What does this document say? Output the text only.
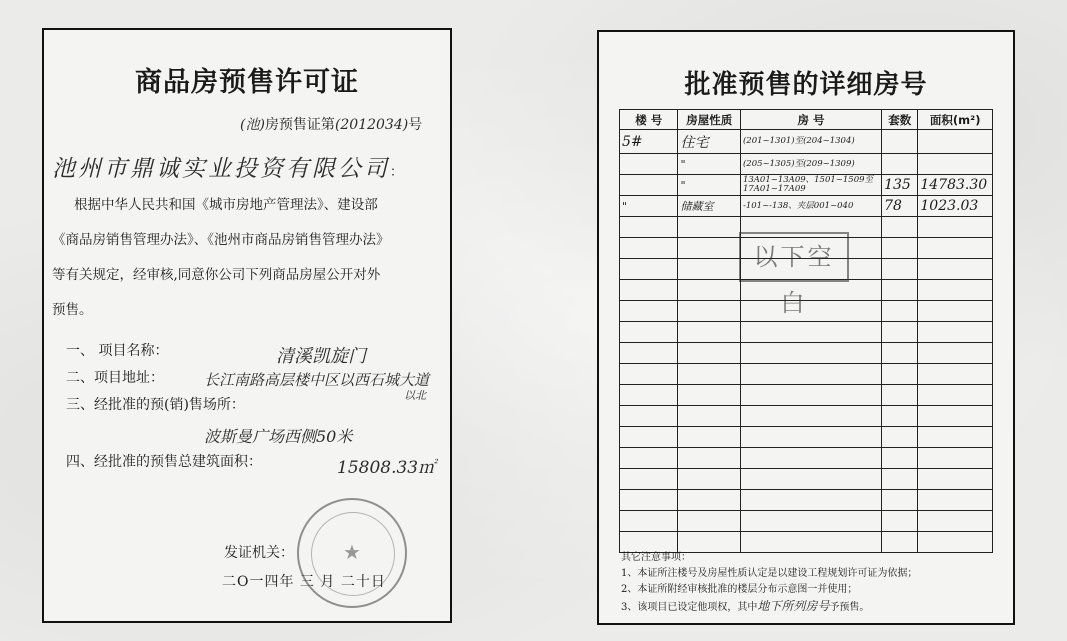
商品房预售许可证
(池)房预售证第(2012034)号
池州市鼎诚实业投资有限公司：
根据中华人民共和国《城市房地产管理法》、建设部
《商品房销售管理办法》、《池州市商品房销售管理办法》
等有关规定，经审核,同意你公司下列商品房屋公开对外
预售。
一、 项目名称：	清溪凯旋门
二、项目地址：	长江南路高层楼中区以西石城大道
以北
三、经批准的预(销)售场所：
波斯曼广场西侧50米
四、经批准的预售总建筑面积：	15808.33㎡
★
发证机关：
二O一四年 三 月 二十日
批准预售的详细房号
楼 号	房屋性质	房 号	套数	面积(m²)
5#	住宅	(201~1301)至(204~1304)		
	"	(205~1305)至(209~1309)		
	"	13A01~13A09、1501~1509至17A01~17A09	135	14783.30
"	储藏室	-101~-138、夹层001~040	78	1023.03

以下空白
其它注意事项：
1、本证所注楼号及房屋性质认定是以建设工程规划许可证为依据；
2、本证所附经审核批准的楼层分布示意图一并使用；
3、该项目已设定他项权，其中地下所列房号予预售。
